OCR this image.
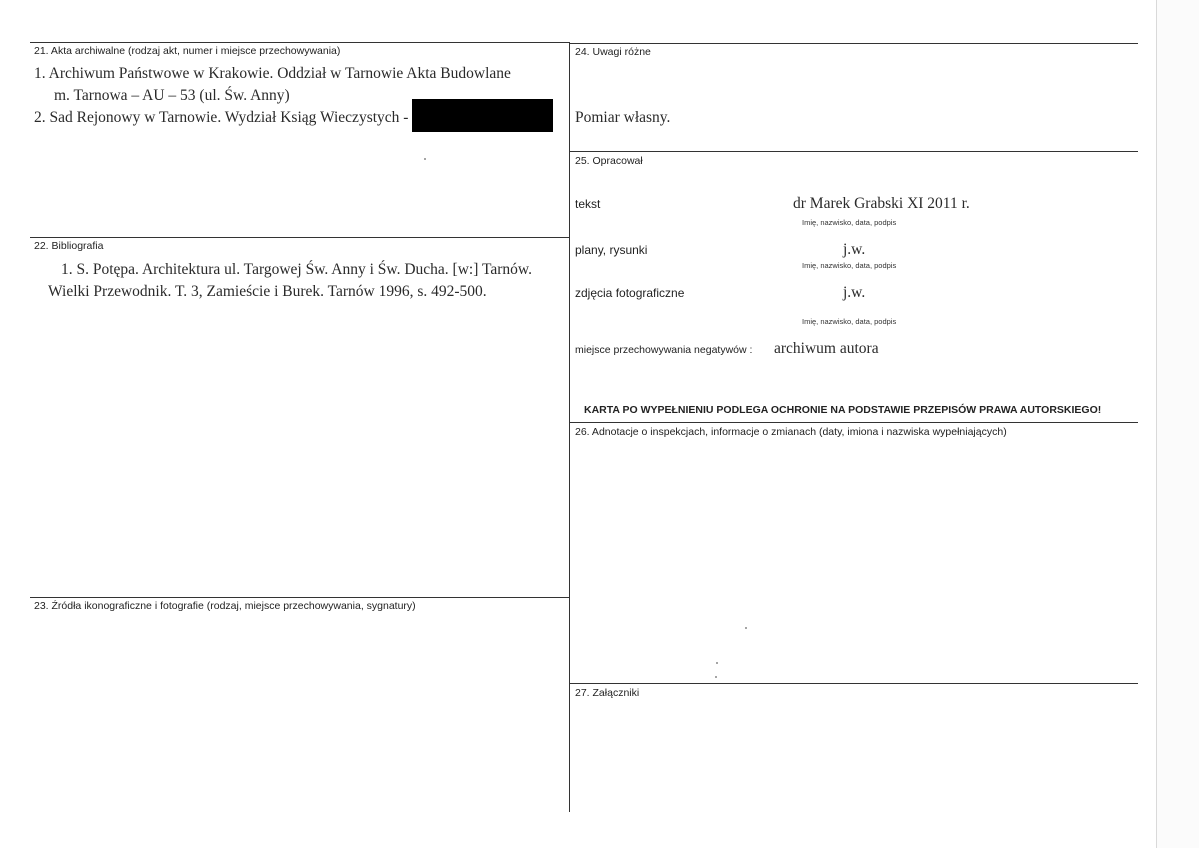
21. Akta archiwalne (rodzaj akt, numer i miejsce przechowywania)
1. Archiwum Państwowe w Krakowie. Oddział w Tarnowie Akta Budowlane
m. Tarnowa – AU – 53 (ul. Św. Anny)
2. Sad Rejonowy w Tarnowie. Wydział Ksiąg Wieczystych -
22. Bibliografia
1. S. Potępa. Architektura ul. Targowej Św. Anny i Św. Ducha. [w:] Tarnów.
Wielki Przewodnik. T. 3, Zamieście i Burek. Tarnów 1996, s. 492-500.
23. Źródła ikonograficzne i fotografie (rodzaj, miejsce przechowywania, sygnatury)
24. Uwagi różne
Pomiar własny.
25. Opracował
tekst	dr Marek Grabski XI 2011 r.
Imię, nazwisko, data, podpis
plany, rysunki	j.w.
Imię, nazwisko, data, podpis
zdjęcia fotograficzne	j.w.
Imię, nazwisko, data, podpis
miejsce przechowywania negatywów : archiwum autora
KARTA PO WYPEŁNIENIU PODLEGA OCHRONIE NA PODSTAWIE PRZEPISÓW PRAWA AUTORSKIEGO!
26. Adnotacje o inspekcjach, informacje o zmianach (daty, imiona i nazwiska wypełniających)
27. Załączniki
